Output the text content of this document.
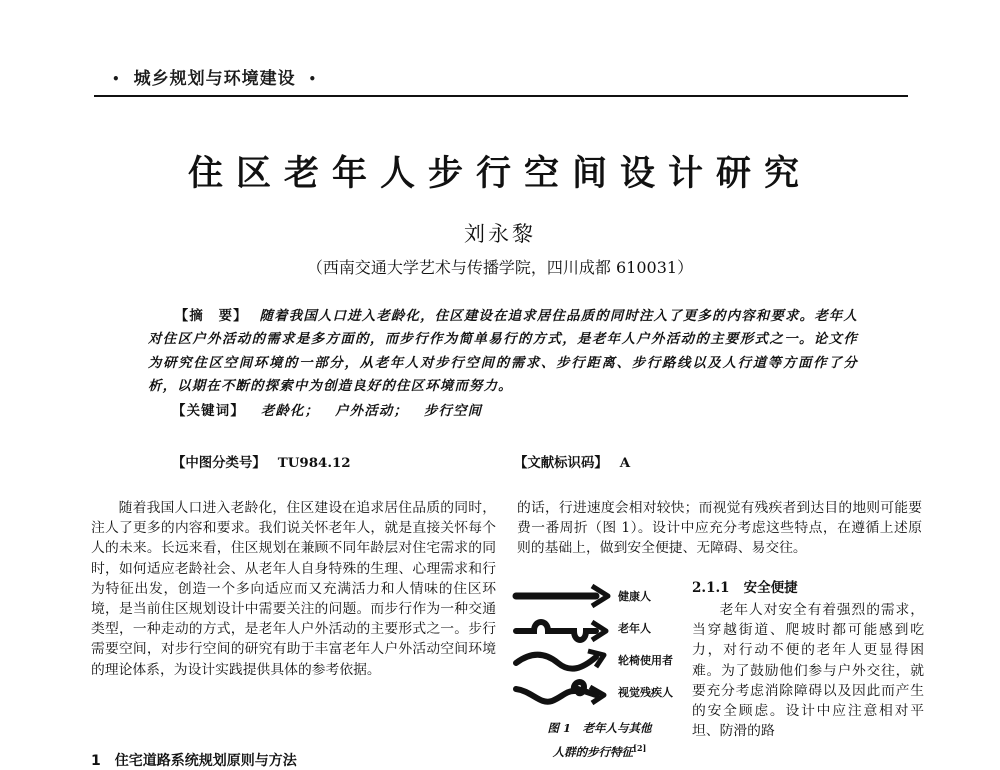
• 城乡规划与环境建设 •
住区老年人步行空间设计研究
刘永黎
（西南交通大学艺术与传播学院，四川成都 610031）

【摘　要】 随着我国人口进入老龄化，住区建设在追求居住品质的同时注入了更多的内容和要求。老年人对住区户外活动的需求是多方面的，而步行作为简单易行的方式，是老年人户外活动的主要形式之一。论文作为研究住区空间环境的一部分，从老年人对步行空间的需求、步行距离、步行路线以及人行道等方面作了分析，以期在不断的探索中为创造良好的住区环境而努力。

【关键词】 老龄化； 户外活动； 步行空间
【中图分类号】 TU984.12	【文献标识码】 A

随着我国人口进入老龄化，住区建设在追求居住品质的同时，注人了更多的内容和要求。我们说关怀老年人，就是直接关怀每个人的未来。长远来看，住区规划在兼顾不同年龄层对住宅需求的同时，如何适应老龄社会、从老年人自身特殊的生理、心理需求和行为特征出发，创造一个多向适应而又充满活力和人情味的住区环境，是当前住区规划设计中需要关注的问题。而步行作为一种交通类型，一种走动的方式，是老年人户外活动的主要形式之一。步行需要空间，对步行空间的研究有助于丰富老年人户外活动空间环境的理论体系，为设计实践提供具体的参考依据。

1　住宅道路系统规划原则与方法

的话，行进速度会相对较快；而视觉有残疾者到达目的地则可能要费一番周折（图 1）。设计中应充分考虑这些特点，在遵循上述原则的基础上，做到安全便捷、无障碍、易交往。

健康人
老年人
轮椅使用者
视觉残疾人
图 1　老年人与其他
人群的步行特征[2]
2.1.1 安全便捷

老年人对安全有着强烈的需求，当穿越街道、爬坡时都可能感到吃力，对行动不便的老年人更显得困难。为了鼓励他们参与户外交往，就要充分考虑消除障碍以及因此而产生的安全顾虑。设计中应注意相对平坦、防滑的路
